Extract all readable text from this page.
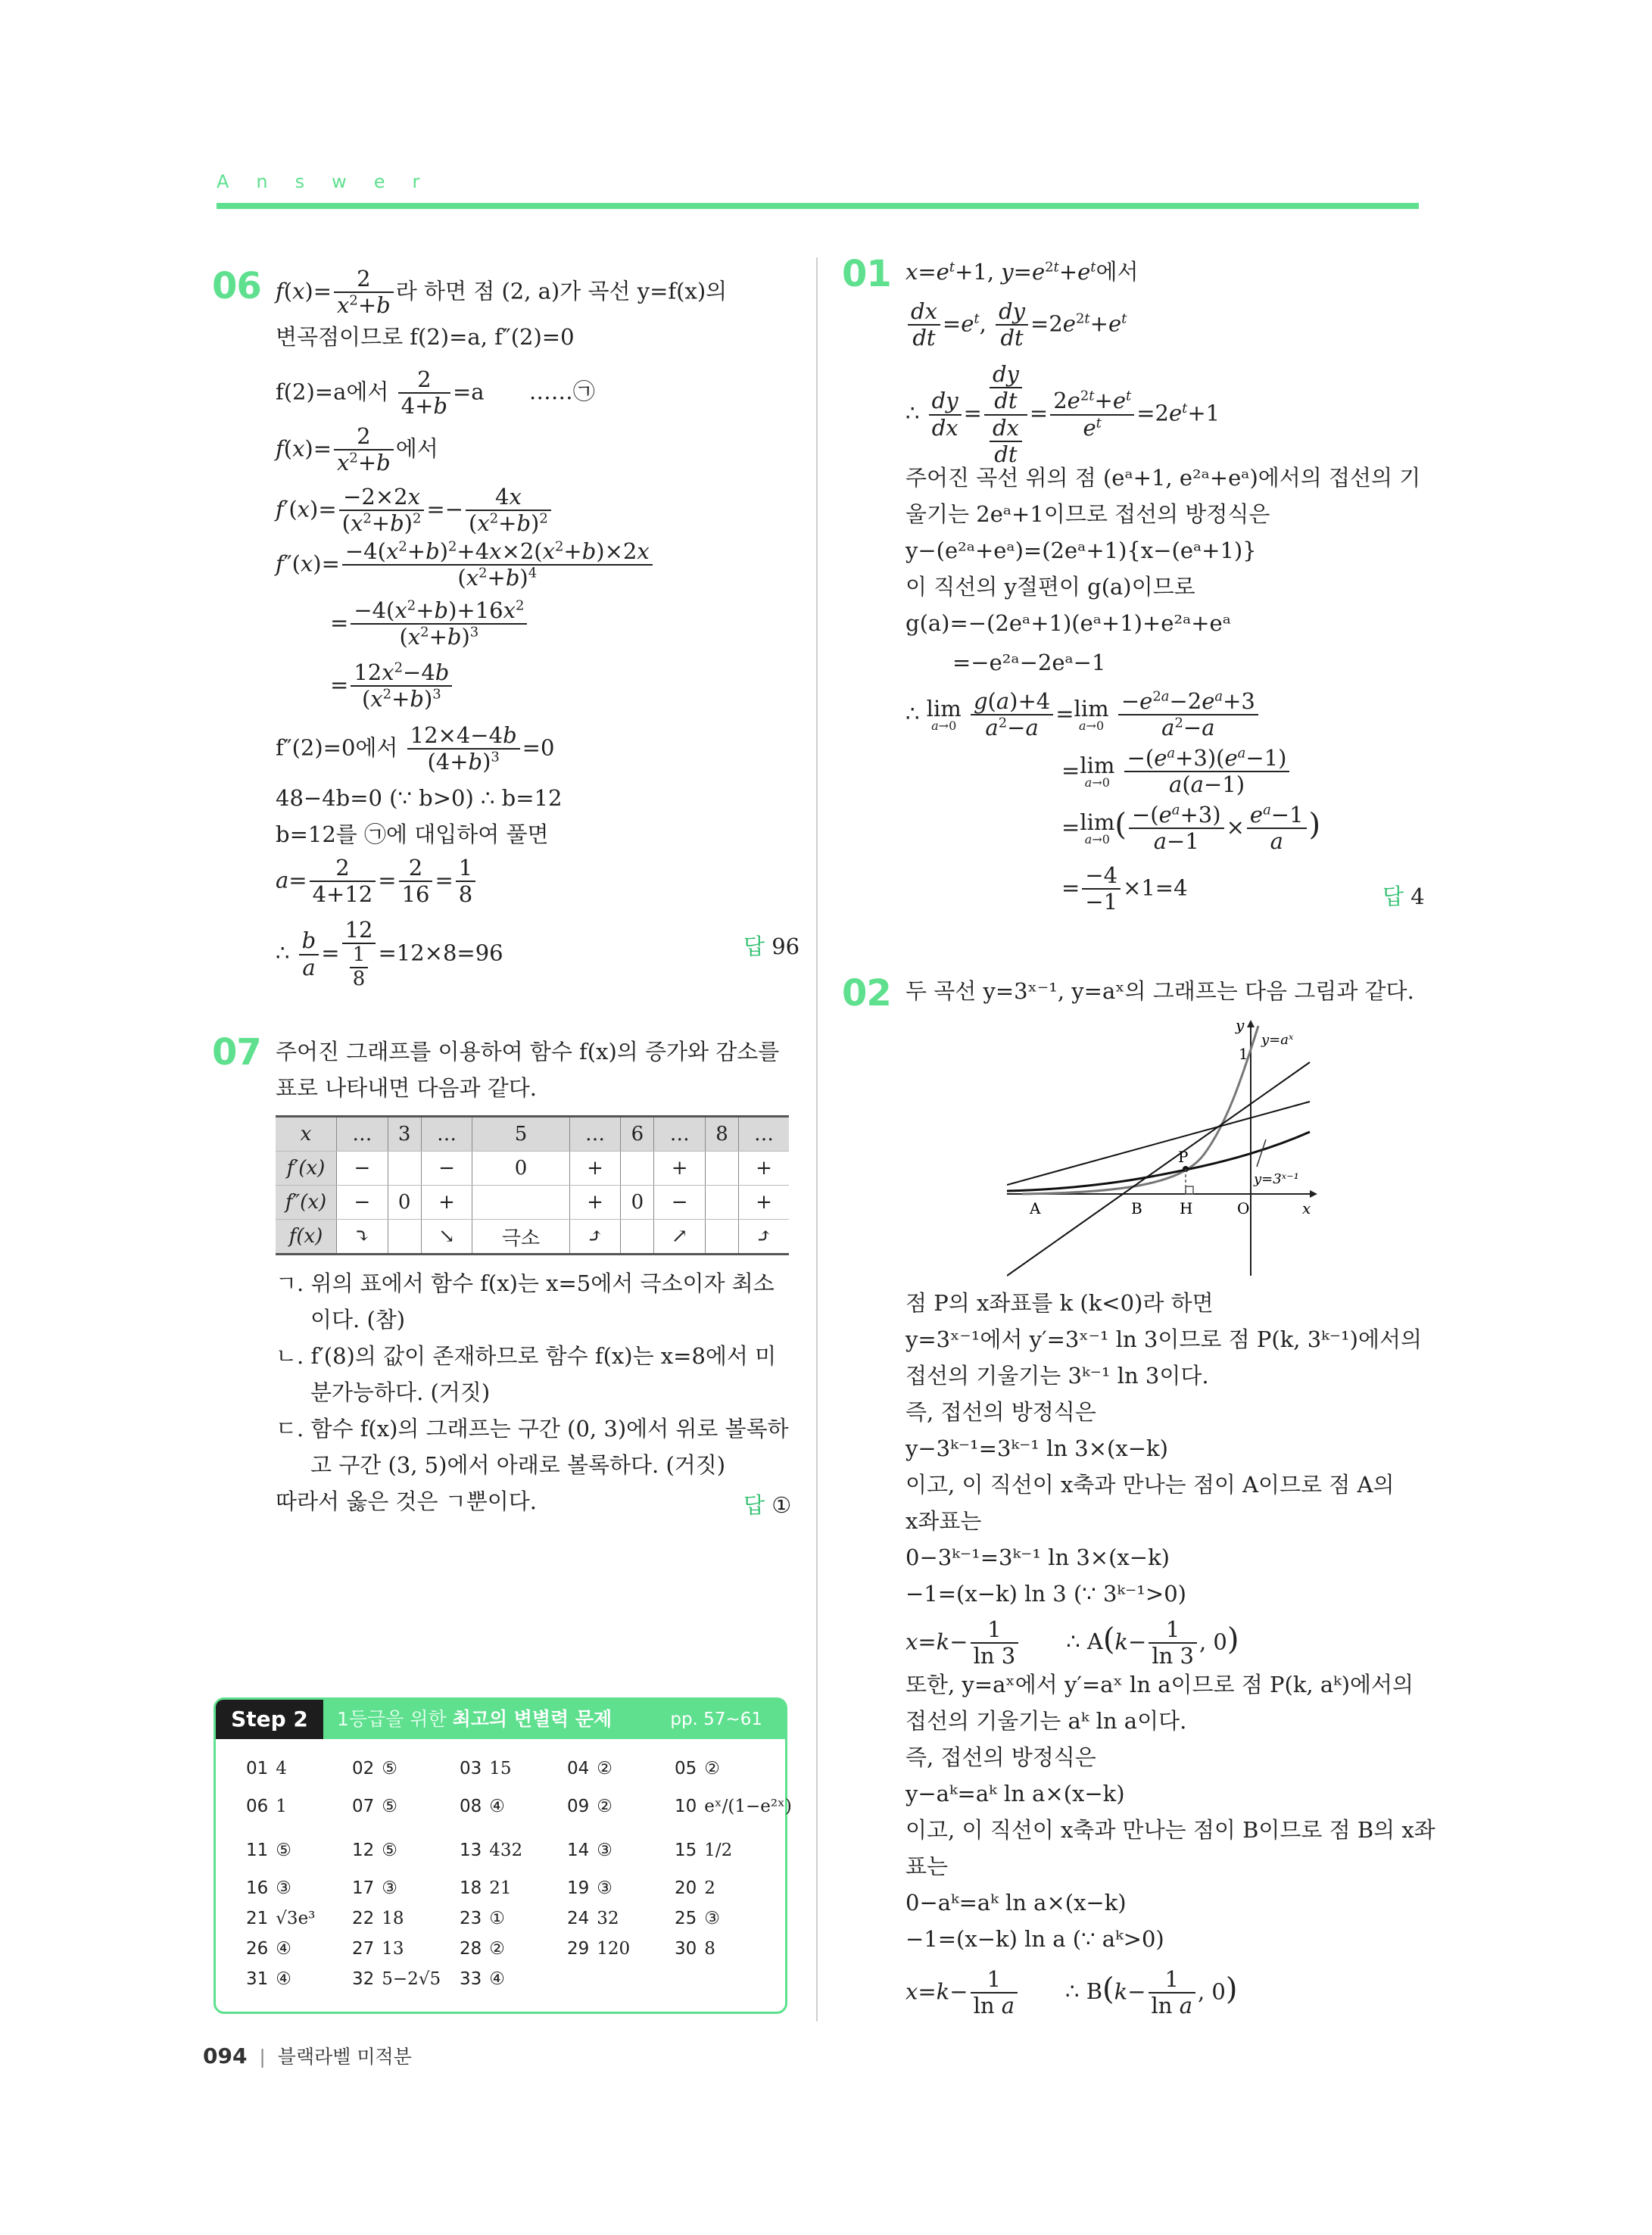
Answer
06 $f(x)= \frac{2}{x^2+b}$ 라 하면 점 (2, a)가 곡선 y=f(x)의
변곡점이므로 f(2)=a, f″(2)=0
f(2)=a에서 $\frac{2}{4+b} =a$ ……㉠
$f(x)= \frac{2}{x^2+b}$ 에서
$f'(x)= \frac{-2\times 2x}{(x^2+b)^2} =- \frac{4x}{(x^2+b)^2}$
$f''(x)= \frac{-4(x^2+b)^2+4x\times 2(x^2+b)\times 2x}{(x^2+b)^4}$
= $\frac{-4(x^2+b)+16x^2}{(x^2+b)^3}$
= $\frac{12x^2-4b}{(x^2+b)^3}$
f″(2)=0에서 $\frac{12\times 4-4b}{(4+b)^3} =0$
48−4b=0 (∵ b>0) ∴ b=12
b=12를 ㉠에 대입하여 풀면
$a= \frac{2}{4+12} = \frac{2}{16} = \frac{1}{8}$
∴ $\frac{b}{a} = \frac{12}{\frac{1}{8}} =12\times 8=96$	답 96
07 주어진 그래프를 이용하여 함수 f(x)의 증가와 감소를
표로 나타내면 다음과 같다.
x	…	3	…	5	…	6	…	8	…
f′(x)	−		−	0	+		+		+
f″(x)	−	0	+		+	0	−		+
f(x)	⤵		↘	극소	⤴		↗		⤴
ㄱ. 위의 표에서 함수 f(x)는 x=5에서 극소이자 최소
이다. (참)
ㄴ. f′(8)의 값이 존재하므로 함수 f(x)는 x=8에서 미
분가능하다. (거짓)
ㄷ. 함수 f(x)의 그래프는 구간 (0, 3)에서 위로 볼록하
고 구간 (3, 5)에서 아래로 볼록하다. (거짓)
따라서 옳은 것은 ㄱ뿐이다.	답 ①
Step 2	1등급을 위한 최고의 변별력 문제	pp. 57~61
01 4	02 ⑤	03 15	04 ②	05 ②
06 1	07 ⑤	08 ④	09 ②	10 eˣ/(1−e²ˣ)
11 ⑤	12 ⑤	13 432	14 ③	15 1/2
16 ③	17 ③	18 21	19 ③	20 2
21 √3e³ 22 18	23 ①	24 32	25 ③
26 ④	27 13	28 ②	29 120	30 8
31 ④	32 5−2√5 33 ④
01 $x=e^t+1$, $y=e^{2t}+e^t$에서
$\frac{dx}{dt} =e^t$, $\frac{dy}{dt} =2e^{2t}+e^t$
∴ $\frac{dy}{dx} = \frac{\frac{dy}{dt}}{\frac{dx}{dt}} = \frac{2e^{2t}+e^t}{e^t} =2e^t+1$
주어진 곡선 위의 점 (eᵃ+1, e²ᵃ+eᵃ)에서의 접선의 기
울기는 2eᵃ+1이므로 접선의 방정식은
y−(e²ᵃ+eᵃ)=(2eᵃ+1){x−(eᵃ+1)}
이 직선의 y절편이 g(a)이므로
g(a)=−(2eᵃ+1)(eᵃ+1)+e²ᵃ+eᵃ
=−e²ᵃ−2eᵃ−1
∴ lim
a→0
$\frac{g(a)+4}{a^2-a} = \lim$
a→0
$\frac{-e^{2a}-2e^a+3}{a^2-a}$
= lim
a→0
$\frac{-(e^a+3)(e^a-1)}{a(a-1)}$
= lim
a→0 ( $\frac{-(e^a+3)}{a-1} \times \frac{e^a-1}{a}$ )
= $\frac{-4}{-1} \times 1=4$	답 4
02 두 곡선 y=3ˣ⁻¹, y=aˣ의 그래프는 다음 그림과 같다.
y
x
O
1
P
A	B H
y=aˣ
y=3ˣ⁻¹
점 P의 x좌표를 k (k<0)라 하면
y=3ˣ⁻¹에서 y′=3ˣ⁻¹ ln 3이므로 점 P(k, 3ᵏ⁻¹)에서의
접선의 기울기는 3ᵏ⁻¹ ln 3이다.
즉, 접선의 방정식은
y−3ᵏ⁻¹=3ᵏ⁻¹ ln 3×(x−k)
이고, 이 직선이 x축과 만나는 점이 A이므로 점 A의
x좌표는
0−3ᵏ⁻¹=3ᵏ⁻¹ ln 3×(x−k)
−1=(x−k) ln 3 (∵ 3ᵏ⁻¹>0)
$x=k- \frac{1}{\ln 3}$ ∴ $A(k- \frac{1}{\ln 3}$ , 0)
또한, y=aˣ에서 y′=aˣ ln a이므로 점 P(k, aᵏ)에서의
접선의 기울기는 aᵏ ln a이다.
즉, 접선의 방정식은
y−aᵏ=aᵏ ln a×(x−k)
이고, 이 직선이 x축과 만나는 점이 B이므로 점 B의 x좌
표는
0−aᵏ=aᵏ ln a×(x−k)
−1=(x−k) ln a (∵ aᵏ>0)
$x=k- \frac{1}{\text{ln a}}$ ∴ $B(k- \frac{1}{\text{ln a}}$ , 0)
094 | 블랙라벨 미적분
